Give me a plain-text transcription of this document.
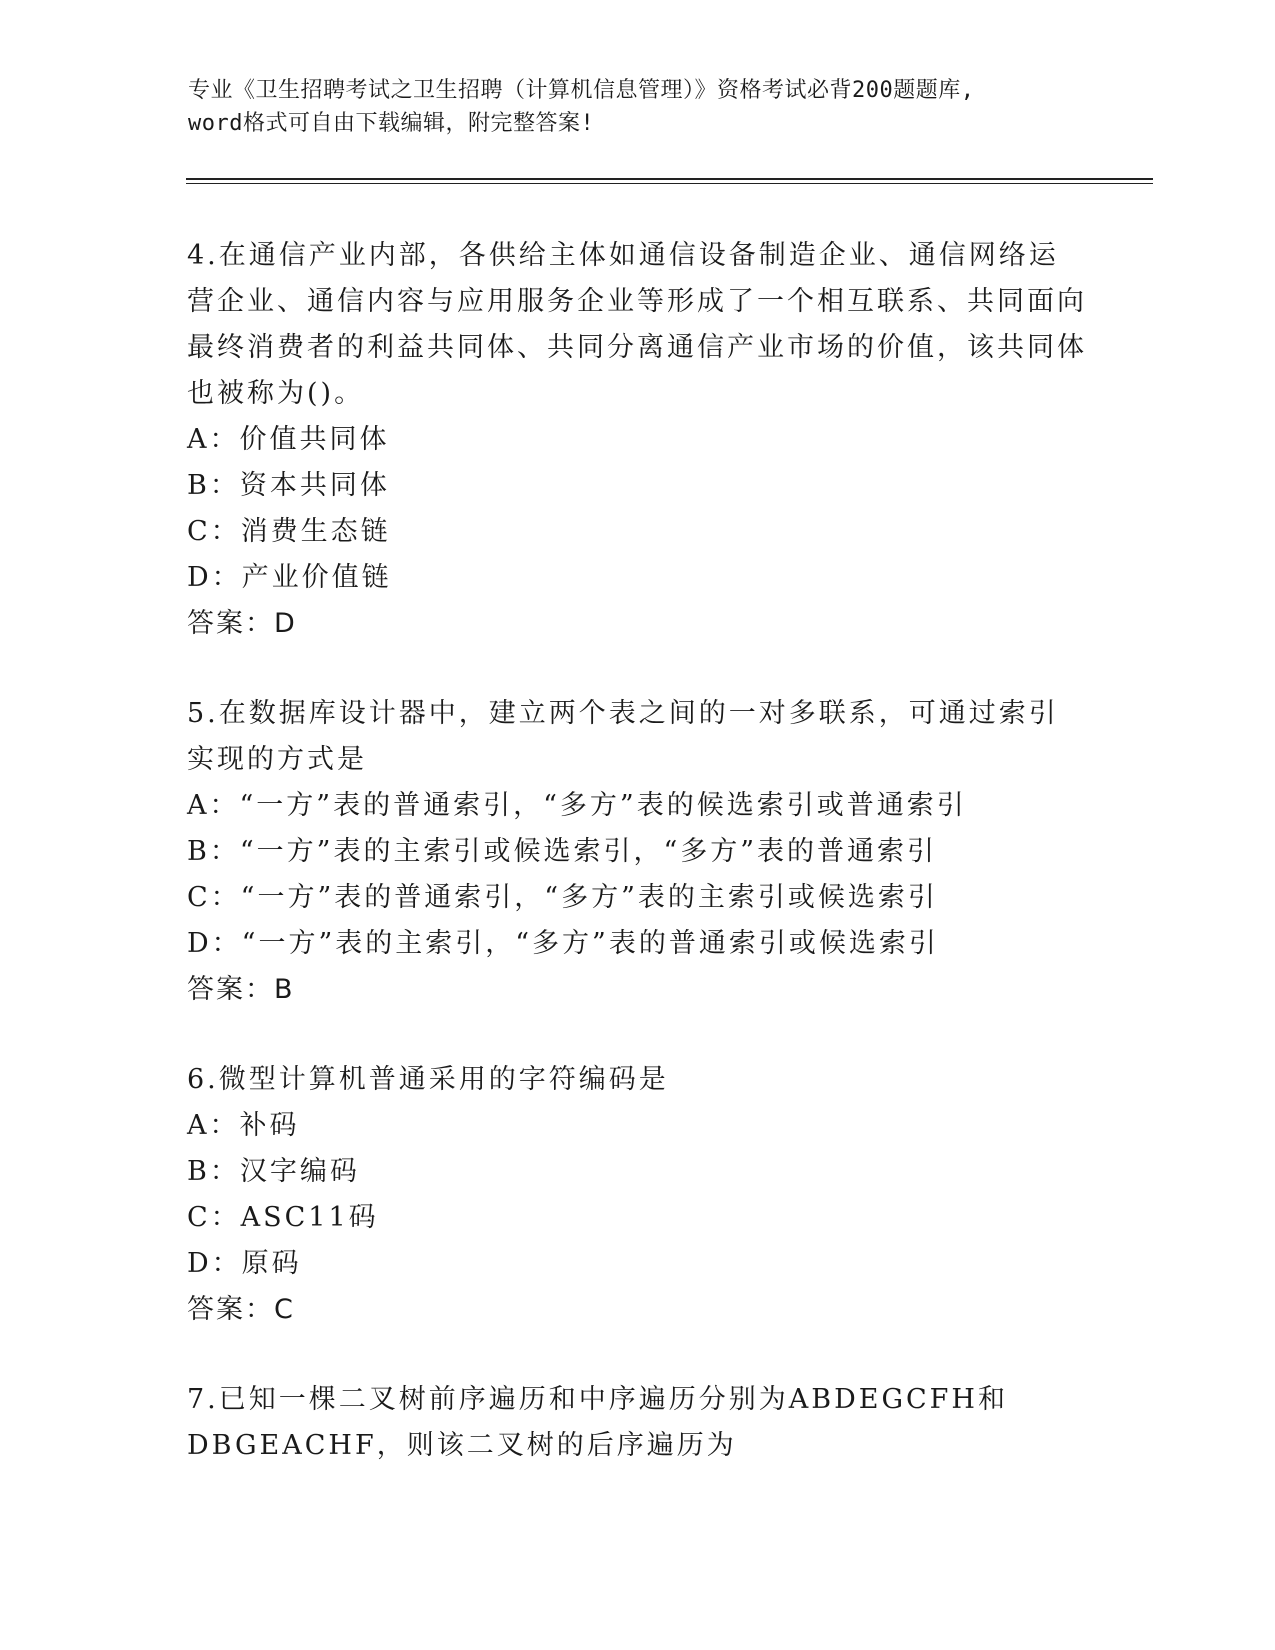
专业《卫生招聘考试之卫生招聘（计算机信息管理）》资格考试必背200题题库,
word格式可自由下载编辑，附完整答案!
4.在通信产业内部，各供给主体如通信设备制造企业、通信网络运营企业、通信内容与应用服务企业等形成了一个相互联系、共同面向最终消费者的利益共同体、共同分离通信产业市场的价值，该共同体也被称为()。
A：价值共同体
B：资本共同体
C：消费生态链
D：产业价值链
答案：D
5.在数据库设计器中，建立两个表之间的一对多联系，可通过索引实现的方式是
A：“一方”表的普通索引，“多方”表的候选索引或普通索引
B：“一方”表的主索引或候选索引，“多方”表的普通索引
C：“一方”表的普通索引，“多方”表的主索引或候选索引
D：“一方”表的主索引，“多方”表的普通索引或候选索引
答案：B
6.微型计算机普通采用的字符编码是
A：补码
B：汉字编码
C：ASC11码
D：原码
答案：C
7.已知一棵二叉树前序遍历和中序遍历分别为ABDEGCFH和DBGEACHF，则该二叉树的后序遍历为
